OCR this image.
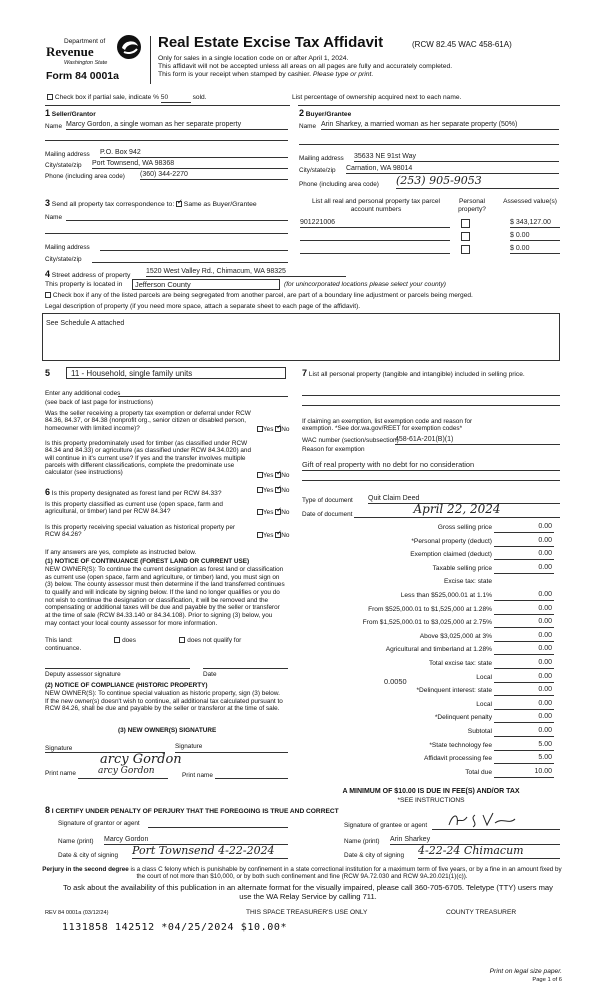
Department of
Revenue
Washington State
Form 84 0001a
Real Estate Excise Tax Affidavit	(RCW 82.45 WAC 458-61A)
Only for sales in a single location code on or after April 1, 2024.
This affidavit will not be accepted unless all areas on all pages are fully and accurately completed.
This form is your receipt when stamped by cashier. Please type or print.
Check box if partial sale, indicate % 50	sold.	List percentage of ownership acquired next to each name.
1 Seller/Grantor
Name Marcy Gordon, a single woman as her separate property
Mailing address P.O. Box 942
City/state/zip Port Townsend, WA 98368
Phone (including area code) (360) 344-2270
2 Buyer/Grantee
Name Arin Sharkey, a married woman as her separate property (50%)
Mailing address 35633 NE 91st Way
City/state/zip Carnation, WA 98014
Phone (including area code) (253) 905-9053
3 Send all property tax correspondence to: ✓ Same as Buyer/Grantee
Name
Mailing address
City/state/zip
List all real and personal property tax parcel account numbers
Personal property?
Assessed value(s)
901221006	$ 343,127.00
$ 0.00
$ 0.00
4 Street address of property
1520 West Valley Rd., Chimacum, WA 98325
This property is located in	Jefferson County	(for unincorporated locations please select your county)
Check box if any of the listed parcels are being segregated from another parcel, are part of a boundary line adjustment or parcels being merged.
Legal description of property (if you need more space, attach a separate sheet to each page of the affidavit).
See Schedule A attached
5	11 - Household, single family units
Enter any additional codes
(see back of last page for instructions)
Was the seller receiving a property tax exemption or deferral under RCW 84.36, 84.37, or 84.38 (nonprofit org., senior citizen or disabled person, homeowner with limited income)?	Yes ✓ No
Is this property predominately used for timber (as classified under RCW 84.34 and 84.33) or agriculture (as classified under RCW 84.34.020) and will continue in it's current use? If yes and the transfer involves multiple parcels with different classifications, complete the predominate use calculator (see instructions)	Yes ✓ No
6 Is this property designated as forest land per RCW 84.33?	Yes ✓ No
Is this property classified as current use (open space, farm and agricultural, or timber) land per RCW 84.34?	Yes ✓ No
Is this property receiving special valuation as historical property per RCW 84.26?	Yes ✓ No
If any answers are yes, complete as instructed below.
(1) NOTICE OF CONTINUANCE (FOREST LAND OR CURRENT USE)
NEW OWNER(S): To continue the current designation as forest land or classification as current use (open space, farm and agriculture, or timber) land, you must sign on (3) below. The county assessor must then determine if the land transferred continues to qualify and will indicate by signing below. If the land no longer qualifies or you do not wish to continue the designation or classification, it will be removed and the compensating or additional taxes will be due and payable by the seller or transferor at the time of sale (RCW 84.33.140 or 84.34.108). Prior to signing (3) below, you may contact your local county assessor for more information.
This land:	does	does not qualify for
continuance.
Deputy assessor signature	Date
(2) NOTICE OF COMPLIANCE (HISTORIC PROPERTY)
NEW OWNER(S): To continue special valuation as historic property, sign (3) below. If the new owner(s) doesn't wish to continue, all additional tax calculated pursuant to RCW 84.26, shall be due and payable by the seller or transferor at the time of sale.
(3) NEW OWNER(S) SIGNATURE
Signature	Signature
arcy Gordon
Print name arcy Gordon	Print name
7 List all personal property (tangible and intangible) included in selling price.
If claiming an exemption, list exemption code and reason for exemption. *See dor.wa.gov/REET for exemption codes*
WAC number (section/subsection)
458-61A-201(B)(1)
Reason for exemption
Gift of real property with no debt for no consideration
Type of document Quit Claim Deed
Date of document	April 22, 2024
Gross selling price	0.00
*Personal property (deduct)	0.00
Exemption claimed (deduct)	0.00
Taxable selling price	0.00
Excise tax: state
Less than $525,000.01 at 1.1%	0.00
From $525,000.01 to $1,525,000 at 1.28%	0.00
From $1,525,000.01 to $3,025,000 at 2.75%	0.00
Above $3,025,000 at 3%	0.00
Agricultural and timberland at 1.28%	0.00
Total excise tax: state	0.00
Local	0.00
*Delinquent interest: state	0.00
Local	0.00
*Delinquent penalty	0.00
Subtotal	0.00
*State technology fee	5.00
Affidavit processing fee	5.00
Total due	10.00
0.0050
A MINIMUM OF $10.00 IS DUE IN FEE(S) AND/OR TAX
*SEE INSTRUCTIONS
8 I CERTIFY UNDER PENALTY OF PERJURY THAT THE FOREGOING IS TRUE AND CORRECT
Signature of grantor or agent	Signature of grantee or agent
Name (print) Marcy Gordon	Name (print) Arin Sharkey
Date & city of signing Port Townsend 4-22-2024	Date & city of signing 4-22-24 Chimacum
Perjury in the second degree is a class C felony which is punishable by confinement in a state correctional institution for a maximum term of five years, or by a fine in an amount fixed by the court of not more than $10,000, or by both such confinement and fine (RCW 9A.72.030 and RCW 9A.20.021(1)(c)).
To ask about the availability of this publication in an alternate format for the visually impaired, please call 360-705-6705. Teletype (TTY) users may use the WA Relay Service by calling 711.
REV 84 0001a (03/12/24)	THIS SPACE TREASURER'S USE ONLY	COUNTY TREASURER
1131858 142512 *04/25/2024 $10.00*
Print on legal size paper.
Page 1 of 6
